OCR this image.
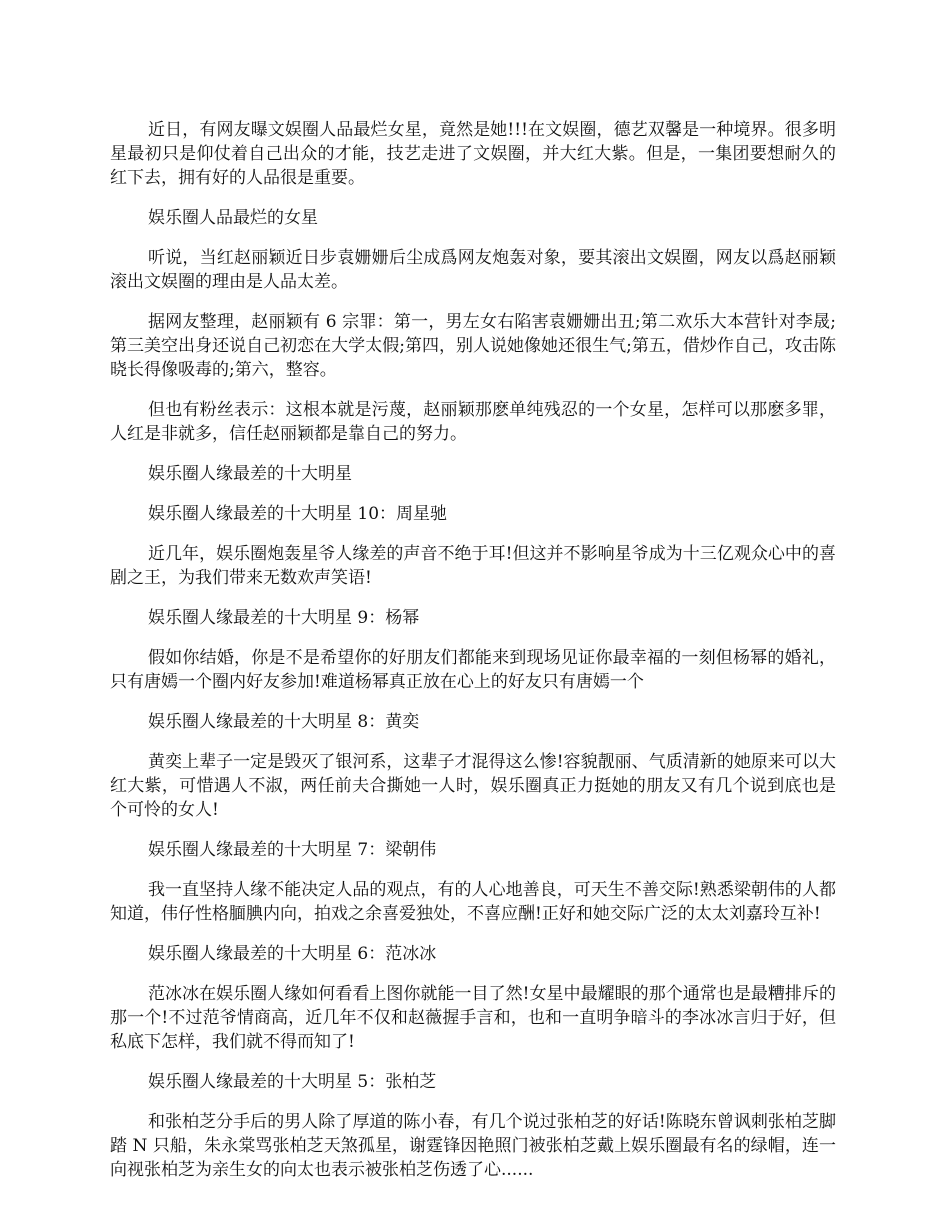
近日，有网友曝文娱圈人品最烂女星，竟然是她!!!在文娱圈，德艺双馨是一种境界。很多明星最初只是仰仗着自己出众的才能，技艺走进了文娱圈，并大红大紫。但是，一集团要想耐久的红下去，拥有好的人品很是重要。

娱乐圈人品最烂的女星

听说，当红赵丽颖近日步袁姗姗后尘成爲网友炮轰对象，要其滚出文娱圈，网友以爲赵丽颖滚出文娱圈的理由是人品太差。

据网友整理，赵丽颖有 6 宗罪：第一，男左女右陷害袁姗姗出丑;第二欢乐大本营针对李晟;第三美空出身还说自己初恋在大学太假;第四，别人说她像她还很生气;第五，借炒作自己，攻击陈晓长得像吸毒的;第六，整容。

但也有粉丝表示：这根本就是污蔑，赵丽颖那麽单纯残忍的一个女星，怎样可以那麽多罪，人红是非就多，信任赵丽颖都是靠自己的努力。

娱乐圈人缘最差的十大明星

娱乐圈人缘最差的十大明星 10：周星驰

近几年，娱乐圈炮轰星爷人缘差的声音不绝于耳!但这并不影响星爷成为十三亿观众心中的喜剧之王，为我们带来无数欢声笑语!

娱乐圈人缘最差的十大明星 9：杨幂

假如你结婚，你是不是希望你的好朋友们都能来到现场见证你最幸福的一刻但杨幂的婚礼，只有唐嫣一个圈内好友参加!难道杨幂真正放在心上的好友只有唐嫣一个

娱乐圈人缘最差的十大明星 8：黄奕

黄奕上辈子一定是毁灭了银河系，这辈子才混得这么惨!容貌靓丽、气质清新的她原来可以大红大紫，可惜遇人不淑，两任前夫合撕她一人时，娱乐圈真正力挺她的朋友又有几个说到底也是个可怜的女人!

娱乐圈人缘最差的十大明星 7：梁朝伟

我一直坚持人缘不能决定人品的观点，有的人心地善良，可天生不善交际!熟悉梁朝伟的人都知道，伟仔性格腼腆内向，拍戏之余喜爱独处，不喜应酬!正好和她交际广泛的太太刘嘉玲互补!

娱乐圈人缘最差的十大明星 6：范冰冰

范冰冰在娱乐圈人缘如何看看上图你就能一目了然!女星中最耀眼的那个通常也是最糟排斥的那一个!不过范爷情商高，近几年不仅和赵薇握手言和，也和一直明争暗斗的李冰冰言归于好，但私底下怎样，我们就不得而知了!

娱乐圈人缘最差的十大明星 5：张柏芝

和张柏芝分手后的男人除了厚道的陈小春，有几个说过张柏芝的好话!陈晓东曾讽刺张柏芝脚踏 N 只船，朱永棠骂张柏芝天煞孤星，谢霆锋因艳照门被张柏芝戴上娱乐圈最有名的绿帽，连一向视张柏芝为亲生女的向太也表示被张柏芝伤透了心......
